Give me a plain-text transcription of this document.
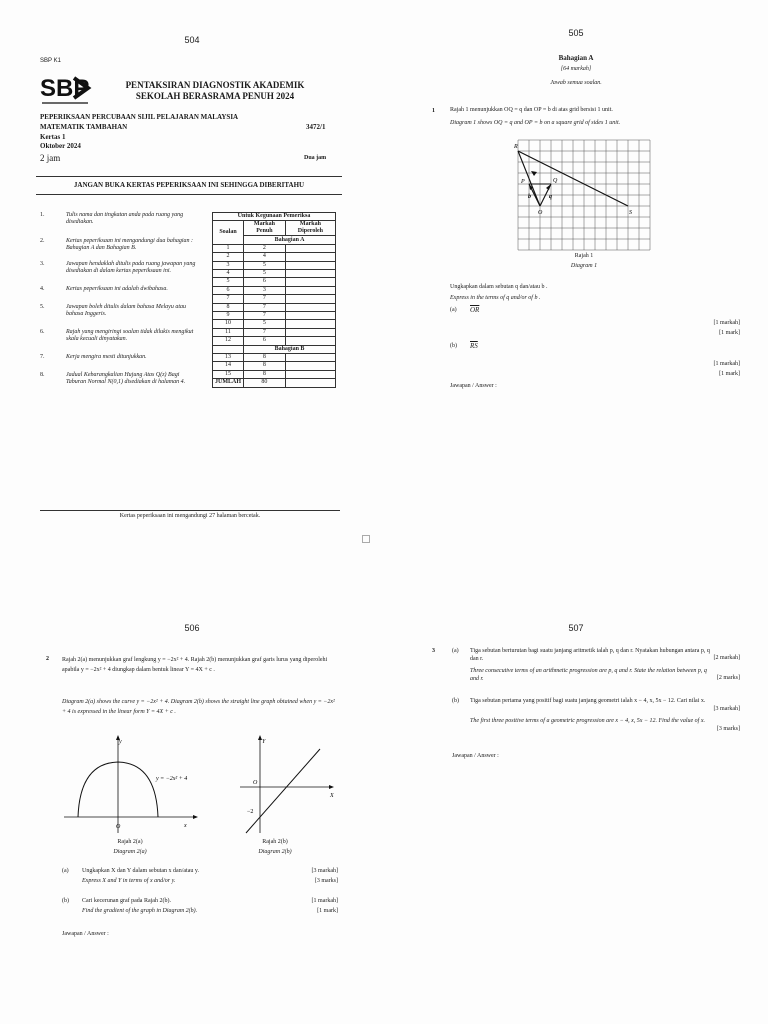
504
SBP K1
SBP	PENTAKSIRAN DIAGNOSTIK AKADEMIK
SEKOLAH BERASRAMA PENUH 2024
PEPERIKSAAN PERCUBAAN SIJIL PELAJARAN MALAYSIA
MATEMATIK TAMBAHAN	3472/1
Kertas 1
Oktober 2024
2 jam	Dua jam
JANGAN BUKA KERTAS PEPERIKSAAN INI SEHINGGA DIBERITAHU
1.	Tulis nama dan tingkatan anda pada ruang yang disediakan.
2.	Kertas peperiksaan ini mengandungi dua bahagian : Bahagian A dan Bahagian B.
3.	Jawapan hendaklah ditulis pada ruang jawapan yang disediakan di dalam kertas peperiksaan ini.
4.	Kertas peperiksaan ini adalah dwibahasa.
5.	Jawapan boleh ditulis dalam bahasa Melayu atau bahasa Inggeris.
6.	Rajah yang mengiringi soalan tidak dilukis mengikut skala kecuali dinyatakan.
7.	Kerja mengira mesti ditunjukkan.
8.	Jadual Kebarangkalian Hujung Atas Q(z) Bagi Taburan Normal N(0,1) disediakan di halaman 4.
Untuk Kegunaan Pemeriksa		
Soalan	Markah Penuh	Markah Diperoleh
	Bahagian A	
1	2	
2	4	
3	5	
4	5	
5	6	
6	3	
7	7	
8	7	
9	7	
10	5	
11	7	
12	6	
	Bahagian B	
13	8	
14	8	
15	8	
JUMLAH	80	
Kertas peperiksaan ini mengandungi 27 halaman bercetak.
505
Bahagian A
[64 markah]
Jawab semua soalan.
1	Rajah 1 menunjukkan OQ = q dan OP = b di atas grid bersisi 1 unit.
Diagram 1 shows OQ = q and OP = b on a square grid of sides 1 unit.
R
P	Q
O	S
b	q
Rajah 1
Diagram 1
Ungkapkan dalam sebutan q dan/atau b .
Express in the terms of q and/or of b .
(a) $\overline{OR}$
[1 markah]
[1 mark]
(b) $\overline{RS}$
[1 markah]
[1 mark]
Jawapan / Answer :
506
2 Rajah 2(a) menunjukkan graf lengkung y = −2x² + 4. Rajah 2(b) menunjukkan graf garis lurus yang diperolehi apabila y = −2x² + 4 diungkap dalam bentuk linear Y = 4X + c .
Diagram 2(a) shows the curve y = −2x² + 4. Diagram 2(b) shows the straight line graph obtained when y = −2x² + 4 is expressed in the linear form Y = 4X + c .
y
x
O
y = −2x² + 4
Rajah 2(a)
Diagram 2(a)
Y
X
O
−2
Rajah 2(b)
Diagram 2(b)
(a) Ungkapkan X dan Y dalam sebutan x dan/atau y.
Express X and Y in terms of x and/or y.
[3 markah]
[3 marks]
(b) Cari kecerunan graf pada Rajah 2(b).
Find the gradient of the graph in Diagram 2(b).
[1 markah]
[1 mark]
Jawapan / Answer :
507
3	(a) Tiga sebutan berturutan bagi suatu janjang aritmetik ialah p, q dan r. Nyatakan hubungan antara p, q dan r.
Three consecutive terms of an arithmetic progression are p, q and r. State the relation between p, q and r.
[2 markah]
[2 marks]
(b) Tiga sebutan pertama yang positif bagi suatu janjang geometri ialah x − 4, x, 5x − 12. Cari nilai x.
The first three positive terms of a geometric progression are x − 4, x, 5x − 12. Find the value of x.
[3 markah]
[3 marks]
Jawapan / Answer :
